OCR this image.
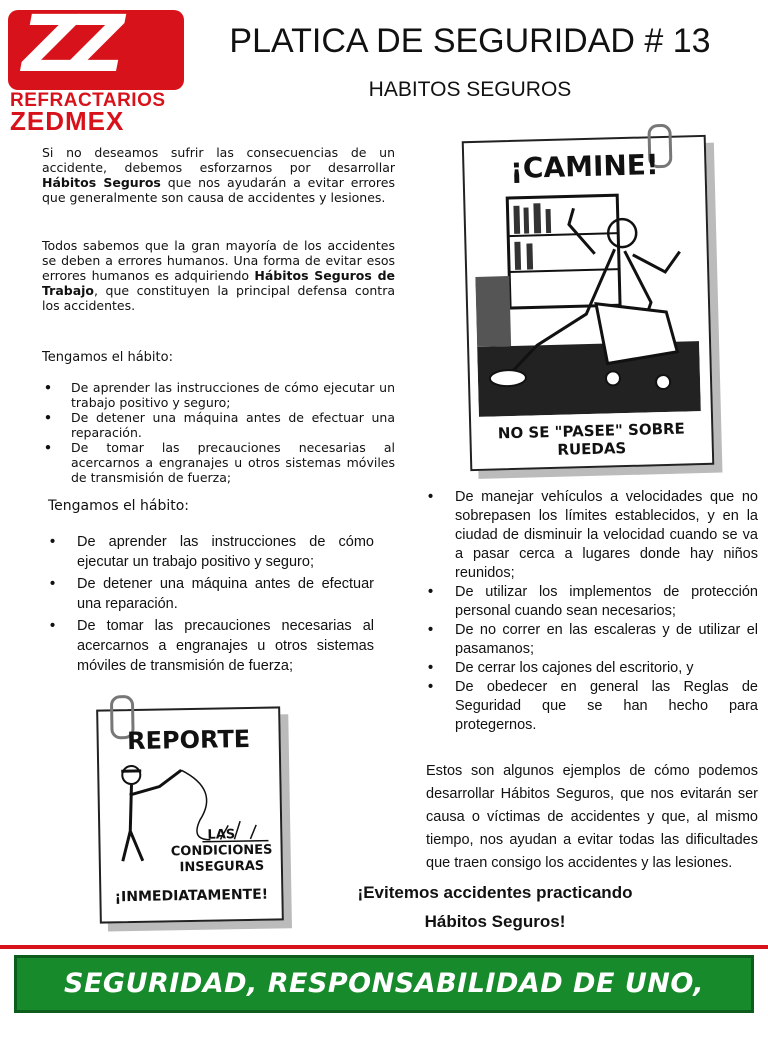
ZZ
REFRACTARIOS
ZEDMEX
PLATICA DE SEGURIDAD # 13
HABITOS SEGUROS
Si no deseamos sufrir las consecuencias de un accidente, debemos esforzarnos por desarrollar Hábitos Seguros que nos ayudarán a evitar errores que generalmente son causa de accidentes y lesiones.
Todos sabemos que la gran mayoría de los accidentes se deben a errores humanos. Una forma de evitar esos errores humanos es adquiriendo Hábitos Seguros de Trabajo, que constituyen la principal defensa contra los accidentes.
Tengamos el hábito:
• De aprender las instrucciones de cómo ejecutar un trabajo positivo y seguro;
• De detener una máquina antes de efectuar una reparación.
• De tomar las precauciones necesarias al acercarnos a engranajes u otros sistemas móviles de transmisión de fuerza;
Tengamos el hábito:
• De aprender las instrucciones de cómo ejecutar un trabajo positivo y seguro;
• De detener una máquina antes de efectuar una reparación.
• De tomar las precauciones necesarias al acercarnos a engranajes u otros sistemas móviles de transmisión de fuerza;
¡CAMINE!
NO SE "PASEE" SOBRE
RUEDAS
• De manejar vehículos a velocidades que no sobrepasen los límites establecidos, y en la ciudad de disminuir la velocidad cuando se va a pasar cerca a lugares donde hay niños reunidos;
• De utilizar los implementos de protección personal cuando sean necesarios;
• De no correr en las escaleras y de utilizar el pasamanos;
• De cerrar los cajones del escritorio, y
• De obedecer en general las Reglas de Seguridad que se han hecho para protegernos.
Estos son algunos ejemplos de cómo podemos desarrollar Hábitos Seguros, que nos evitarán ser causa o víctimas de accidentes y que, al mismo tiempo, nos ayudan a evitar todas las dificultades que traen consigo los accidentes y las lesiones.
REPORTE
LAS
CONDICIONES
INSEGURAS
¡INMEDIATAMENTE!	¡Evitemos accidentes practicando
Hábitos Seguros!
SEGURIDAD, RESPONSABILIDAD DE UNO, TAREA DE TODOS
